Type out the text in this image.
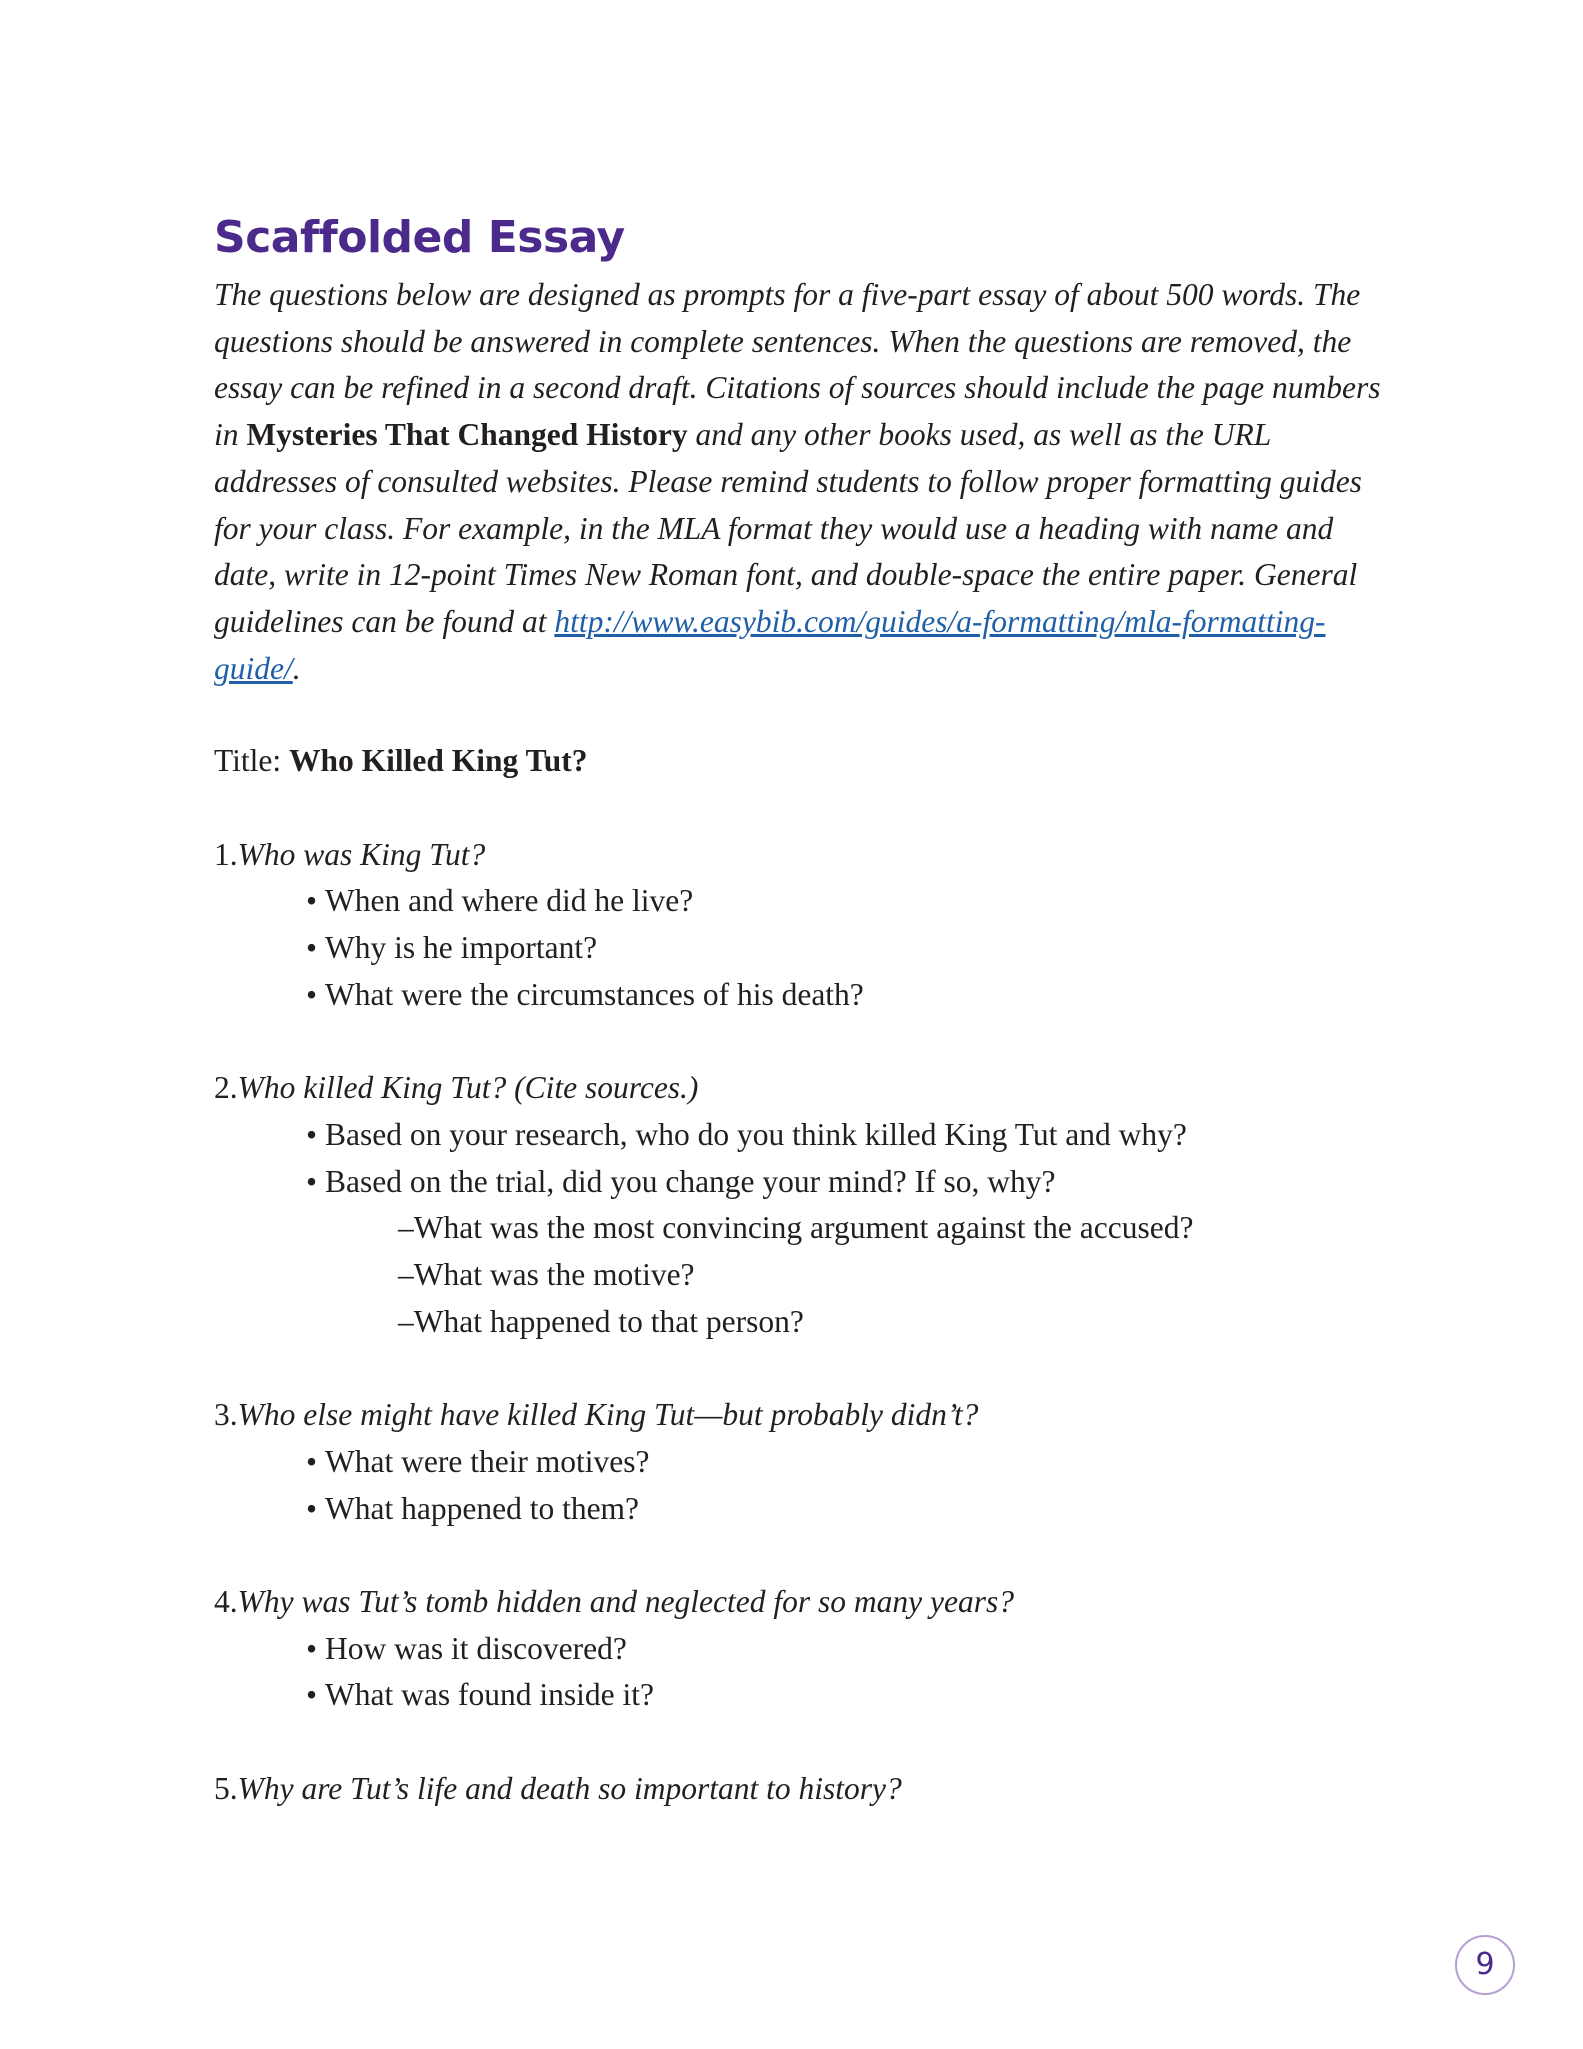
Scaffolded Essay

The questions below are designed as prompts for a five-part essay of about 500 words. The questions should be answered in complete sentences. When the questions are removed, the essay can be refined in a second draft. Citations of sources should include the page numbers in Mysteries That Changed History and any other books used, as well as the URL addresses of consulted websites. Please remind students to follow proper formatting guides for your class. For example, in the MLA format they would use a heading with name and date, write in 12-point Times New Roman font, and double-space the entire paper. General guidelines can be found at http://www.easybib.com/guides/a-formatting/mla-formatting-guide/.

Title: Who Killed King Tut?
1.Who was King Tut?
• When and where did he live?
• Why is he important?
• What were the circumstances of his death?
2.Who killed King Tut? (Cite sources.)
• Based on your research, who do you think killed King Tut and why?
• Based on the trial, did you change your mind? If so, why?
–What was the most convincing argument against the accused?
–What was the motive?
–What happened to that person?
3.Who else might have killed King Tut—but probably didn’t?
• What were their motives?
• What happened to them?
4.Why was Tut’s tomb hidden and neglected for so many years?
• How was it discovered?
• What was found inside it?
5.Why are Tut’s life and death so important to history?
9
